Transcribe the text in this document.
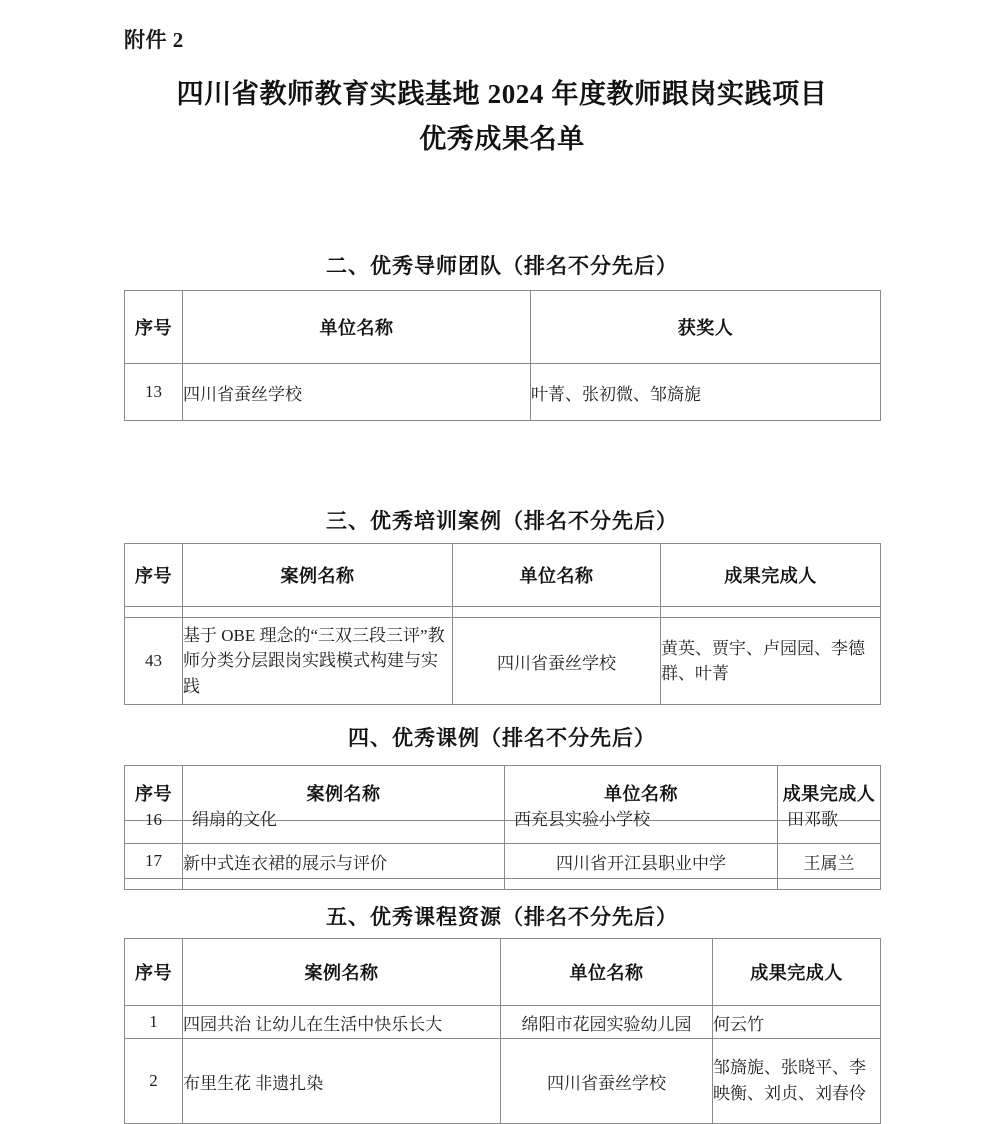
附件 2
四川省教师教育实践基地 2024 年度教师跟岗实践项目
优秀成果名单
二、优秀导师团队（排名不分先后）
序号	单位名称	获奖人
13	四川省蚕丝学校	叶菁、张初微、邹旖旎
三、优秀培训案例（排名不分先后）
序号	案例名称	单位名称	成果完成人

43	基于 OBE 理念的“三双三段三评”教师分类分层跟岗实践模式构建与实践	四川省蚕丝学校	黄英、贾宇、卢园园、李德群、叶菁
四、优秀课例（排名不分先后）
序号	案例名称	单位名称	成果完成人

16	绢扇的文化	西充县实验小学校	田邓歌

17	新中式连衣裙的展示与评价	四川省开江县职业中学	王属兰

五、优秀课程资源（排名不分先后）
序号	案例名称	单位名称	成果完成人
1	四园共治 让幼儿在生活中快乐长大	绵阳市花园实验幼儿园	何云竹
2	布里生花 非遗扎染	四川省蚕丝学校	邹旖旎、张晓平、李映衡、刘贞、刘春伶
